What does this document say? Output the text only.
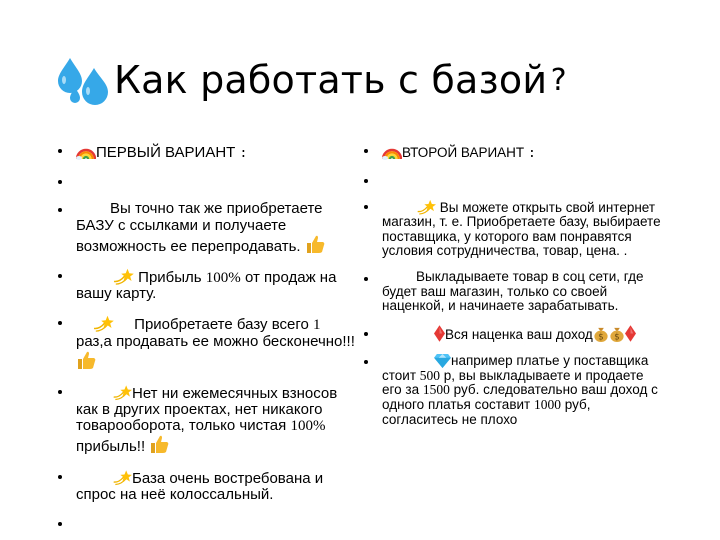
Как работать с базой ?
ПЕРВЫЙ ВАРИАНТ :

Вы точно так же приобретаете БАЗУ с ссылками и получаете возможность ее перепродавать.
Прибыль 100% от продаж на вашу карту.
Приобретаете базу всего 1 раз,а продавать ее можно бесконечно!!!
Нет ни ежемесячных взносов как в других проектах, нет никакого товарооборота, только чистая 100% прибыль!!
База очень востребована и спрос на неё колоссальный.

ВТОРОЙ ВАРИАНТ :

Вы можете открыть свой интернет магазин, т. е. Приобретаете базу, выбираете поставщика, у которого вам понравятся условия сотрудничества, товар, цена. .
Выкладываете товар в соц сети, где будет ваш магазин, только со своей наценкой, и начинаете зарабатывать.
Вся наценка ваш доход
например платье у поставщика стоит 500 р, вы выкладываете и продаете его за 1500 руб. следовательно ваш доход с одного платья составит 1000 руб, согласитесь не плохо
